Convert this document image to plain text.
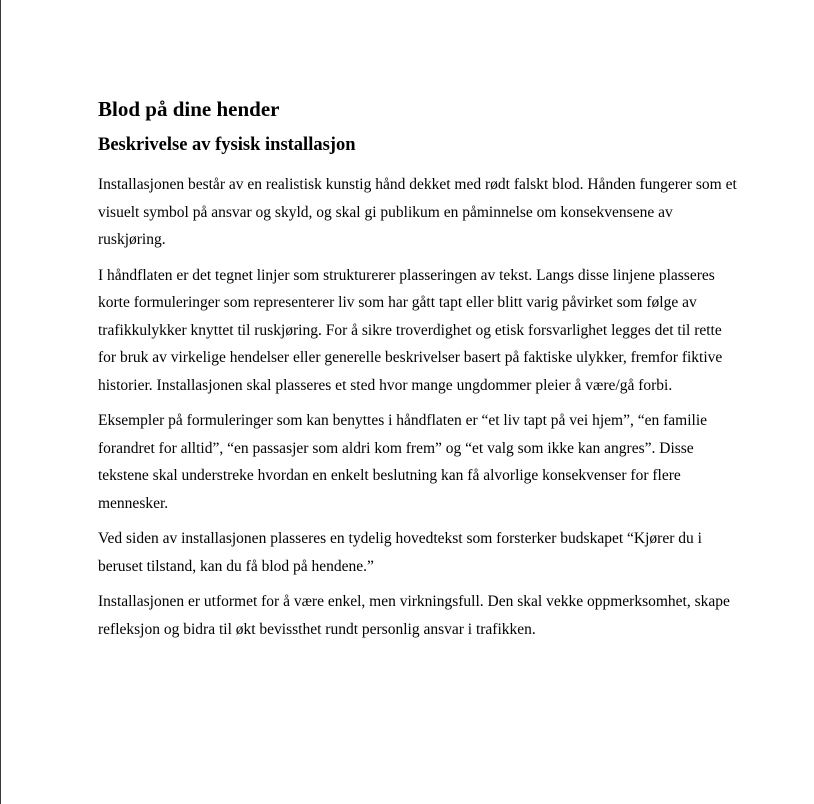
Blod på dine hender
Beskrivelse av fysisk installasjon

Installasjonen består av en realistisk kunstig hånd dekket med rødt falskt blod. Hånden fungerer som et visuelt symbol på ansvar og skyld, og skal gi publikum en påminnelse om konsekvensene av ruskjøring.

I håndflaten er det tegnet linjer som strukturerer plasseringen av tekst. Langs disse linjene plasseres korte formuleringer som representerer liv som har gått tapt eller blitt varig påvirket som følge av trafikkulykker knyttet til ruskjøring. For å sikre troverdighet og etisk forsvarlighet legges det til rette for bruk av virkelige hendelser eller generelle beskrivelser basert på faktiske ulykker, fremfor fiktive historier. Installasjonen skal plasseres et sted hvor mange ungdommer pleier å være/gå forbi.

Eksempler på formuleringer som kan benyttes i håndflaten er “et liv tapt på vei hjem”, “en familie forandret for alltid”, “en passasjer som aldri kom frem” og “et valg som ikke kan angres”. Disse tekstene skal understreke hvordan en enkelt beslutning kan få alvorlige konsekvenser for flere mennesker.

Ved siden av installasjonen plasseres en tydelig hovedtekst som forsterker budskapet “Kjører du i beruset tilstand, kan du få blod på hendene.”

Installasjonen er utformet for å være enkel, men virkningsfull. Den skal vekke oppmerksomhet, skape refleksjon og bidra til økt bevissthet rundt personlig ansvar i trafikken.
